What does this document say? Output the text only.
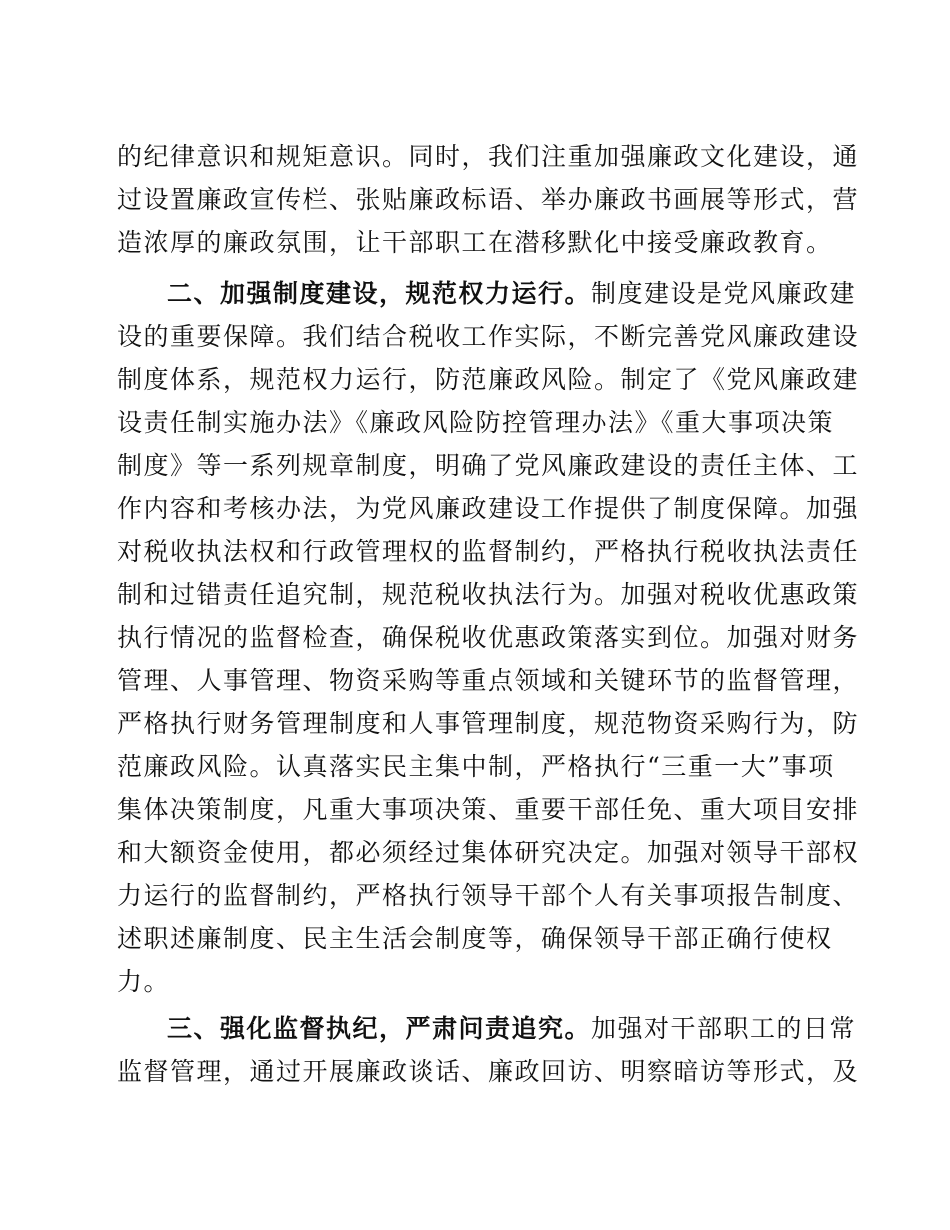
的纪律意识和规矩意识。同时，我们注重加强廉政文化建设，通
过设置廉政宣传栏、张贴廉政标语、举办廉政书画展等形式，营
造浓厚的廉政氛围，让干部职工在潜移默化中接受廉政教育。
二、加强制度建设，规范权力运行。制度建设是党风廉政建
设的重要保障。我们结合税收工作实际，不断完善党风廉政建设
制度体系，规范权力运行，防范廉政风险。制定了《党风廉政建
设责任制实施办法》《廉政风险防控管理办法》《重大事项决策
制度》等一系列规章制度，明确了党风廉政建设的责任主体、工
作内容和考核办法，为党风廉政建设工作提供了制度保障。加强
对税收执法权和行政管理权的监督制约，严格执行税收执法责任
制和过错责任追究制，规范税收执法行为。加强对税收优惠政策
执行情况的监督检查，确保税收优惠政策落实到位。加强对财务
管理、人事管理、物资采购等重点领域和关键环节的监督管理，
严格执行财务管理制度和人事管理制度，规范物资采购行为，防
范廉政风险。认真落实民主集中制，严格执行“三重一大”事项
集体决策制度，凡重大事项决策、重要干部任免、重大项目安排
和大额资金使用，都必须经过集体研究决定。加强对领导干部权
力运行的监督制约，严格执行领导干部个人有关事项报告制度、
述职述廉制度、民主生活会制度等，确保领导干部正确行使权
力。
三、强化监督执纪，严肃问责追究。加强对干部职工的日常
监督管理，通过开展廉政谈话、廉政回访、明察暗访等形式，及
